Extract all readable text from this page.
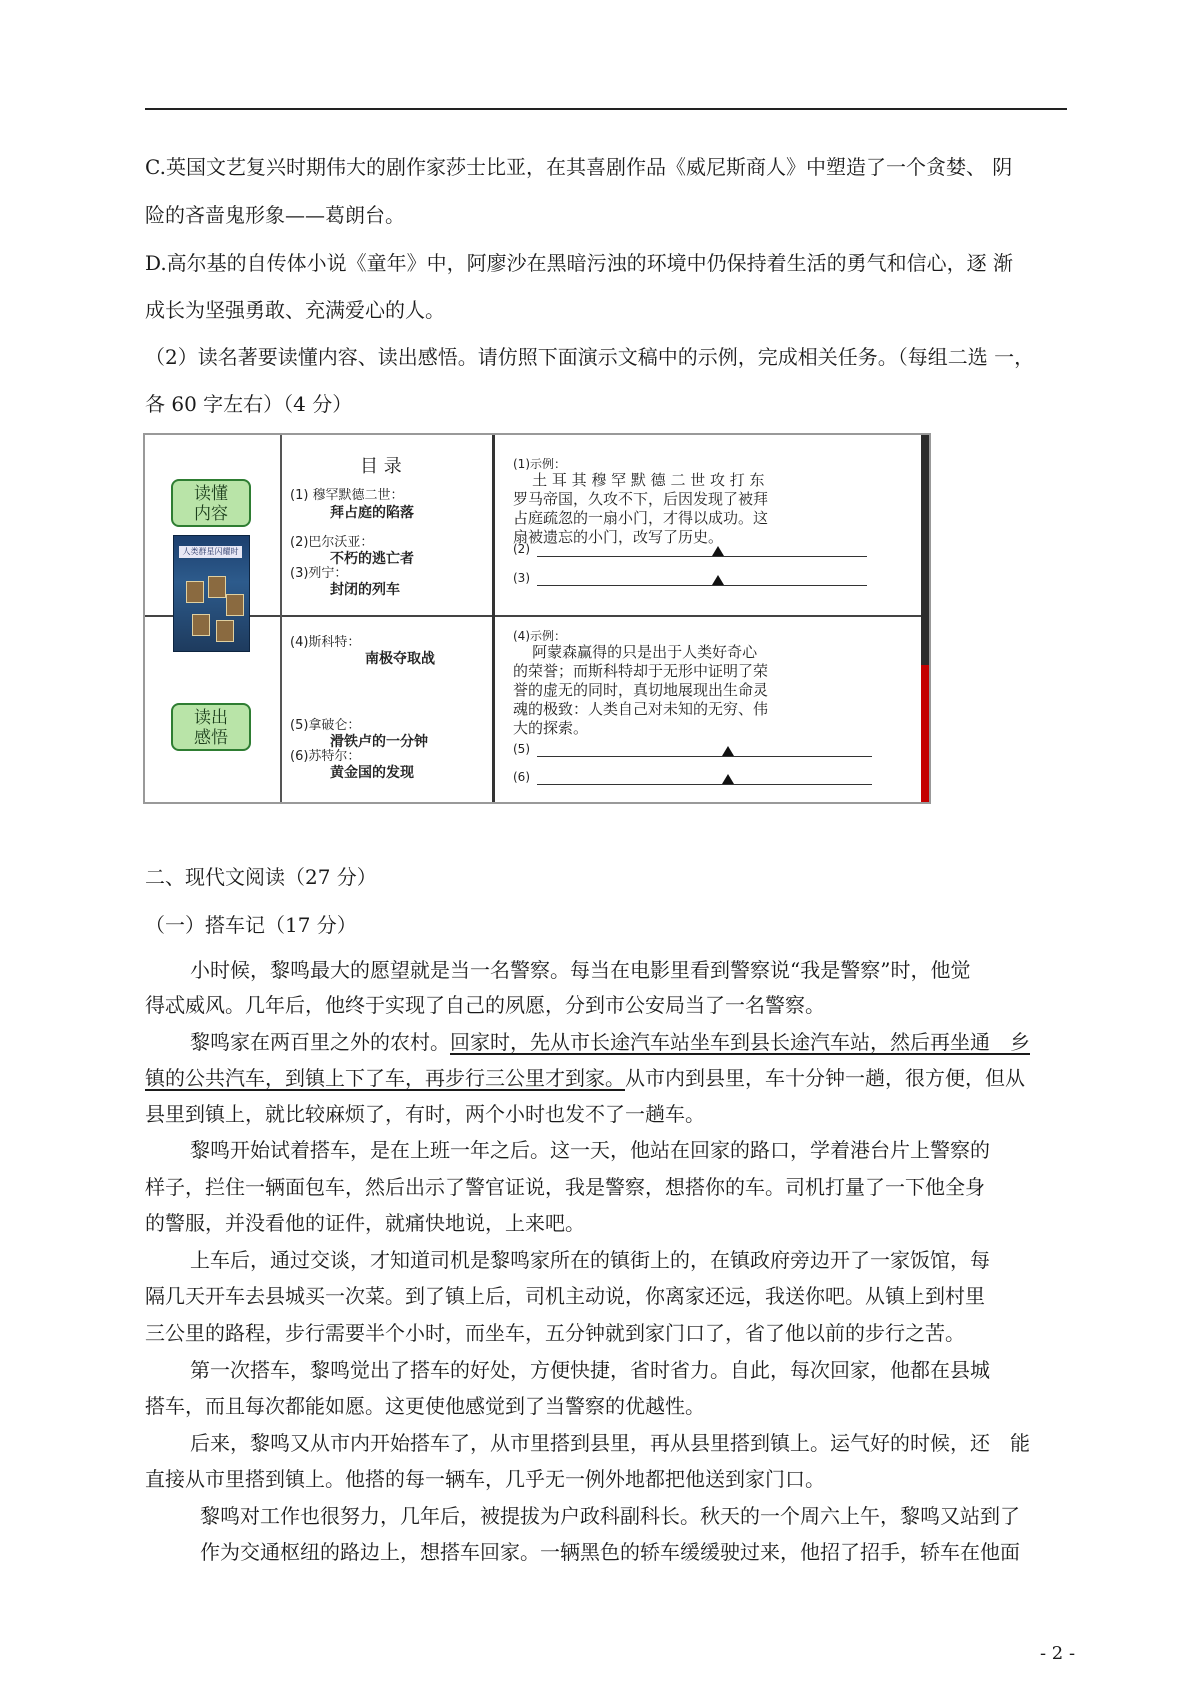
C.英国文艺复兴时期伟大的剧作家莎士比亚，在其喜剧作品《威尼斯商人》中塑造了一个贪婪、 阴
险的吝啬鬼形象——葛朗台。
D.高尔基的自传体小说《童年》中，阿廖沙在黑暗污浊的环境中仍保持着生活的勇气和信心，逐 渐
成长为坚强勇敢、充满爱心的人。
（2）读名著要读懂内容、读出感悟。请仿照下面演示文稿中的示例，完成相关任务。（每组二选 一，
各 60 字左右）（4 分）
读懂
内容
读出
感悟
人类群星闪耀时
目 录
(1) 穆罕默德二世：
拜占庭的陷落
(2)巴尔沃亚：
不朽的逃亡者
(3)列宁：
封闭的列车
(4)斯科特：
南极夺取战
(5)拿破仑：
滑铁卢的一分钟
(6)苏特尔：
黄金国的发现
(1)示例：
土 耳 其 穆 罕 默 德 二 世 攻 打 东
罗马帝国，久攻不下，后因发现了被拜
占庭疏忽的一扇小门，才得以成功。这
扇被遗忘的小门，改写了历史。
(2)
(3)
(4)示例：
阿蒙森赢得的只是出于人类好奇心
的荣誉；而斯科特却于无形中证明了荣
誉的虚无的同时，真切地展现出生命灵
魂的极致：人类自己对未知的无穷、伟
大的探索。
(5)
(6)
二、现代文阅读（27 分）
（一）搭车记（17 分）
小时候，黎鸣最大的愿望就是当一名警察。每当在电影里看到警察说“我是警察”时，他觉
得忒威风。几年后，他终于实现了自己的夙愿，分到市公安局当了一名警察。
黎鸣家在两百里之外的农村。回家时，先从市长途汽车站坐车到县长途汽车站，然后再坐通　乡
镇的公共汽车，到镇上下了车，再步行三公里才到家。从市内到县里，车十分钟一趟，很方便，但从
县里到镇上，就比较麻烦了，有时，两个小时也发不了一趟车。
黎鸣开始试着搭车，是在上班一年之后。这一天，他站在回家的路口，学着港台片上警察的
样子，拦住一辆面包车，然后出示了警官证说，我是警察，想搭你的车。司机打量了一下他全身
的警服，并没看他的证件，就痛快地说，上来吧。
上车后，通过交谈，才知道司机是黎鸣家所在的镇街上的，在镇政府旁边开了一家饭馆，每
隔几天开车去县城买一次菜。到了镇上后，司机主动说，你离家还远，我送你吧。从镇上到村里
三公里的路程，步行需要半个小时，而坐车，五分钟就到家门口了，省了他以前的步行之苦。
第一次搭车，黎鸣觉出了搭车的好处，方便快捷，省时省力。自此，每次回家，他都在县城
搭车，而且每次都能如愿。这更使他感觉到了当警察的优越性。
后来，黎鸣又从市内开始搭车了，从市里搭到县里，再从县里搭到镇上。运气好的时候，还　能
直接从市里搭到镇上。他搭的每一辆车，几乎无一例外地都把他送到家门口。
黎鸣对工作也很努力，几年后，被提拔为户政科副科长。秋天的一个周六上午，黎鸣又站到了
作为交通枢纽的路边上，想搭车回家。一辆黑色的轿车缓缓驶过来，他招了招手，轿车在他面
- 2 -
